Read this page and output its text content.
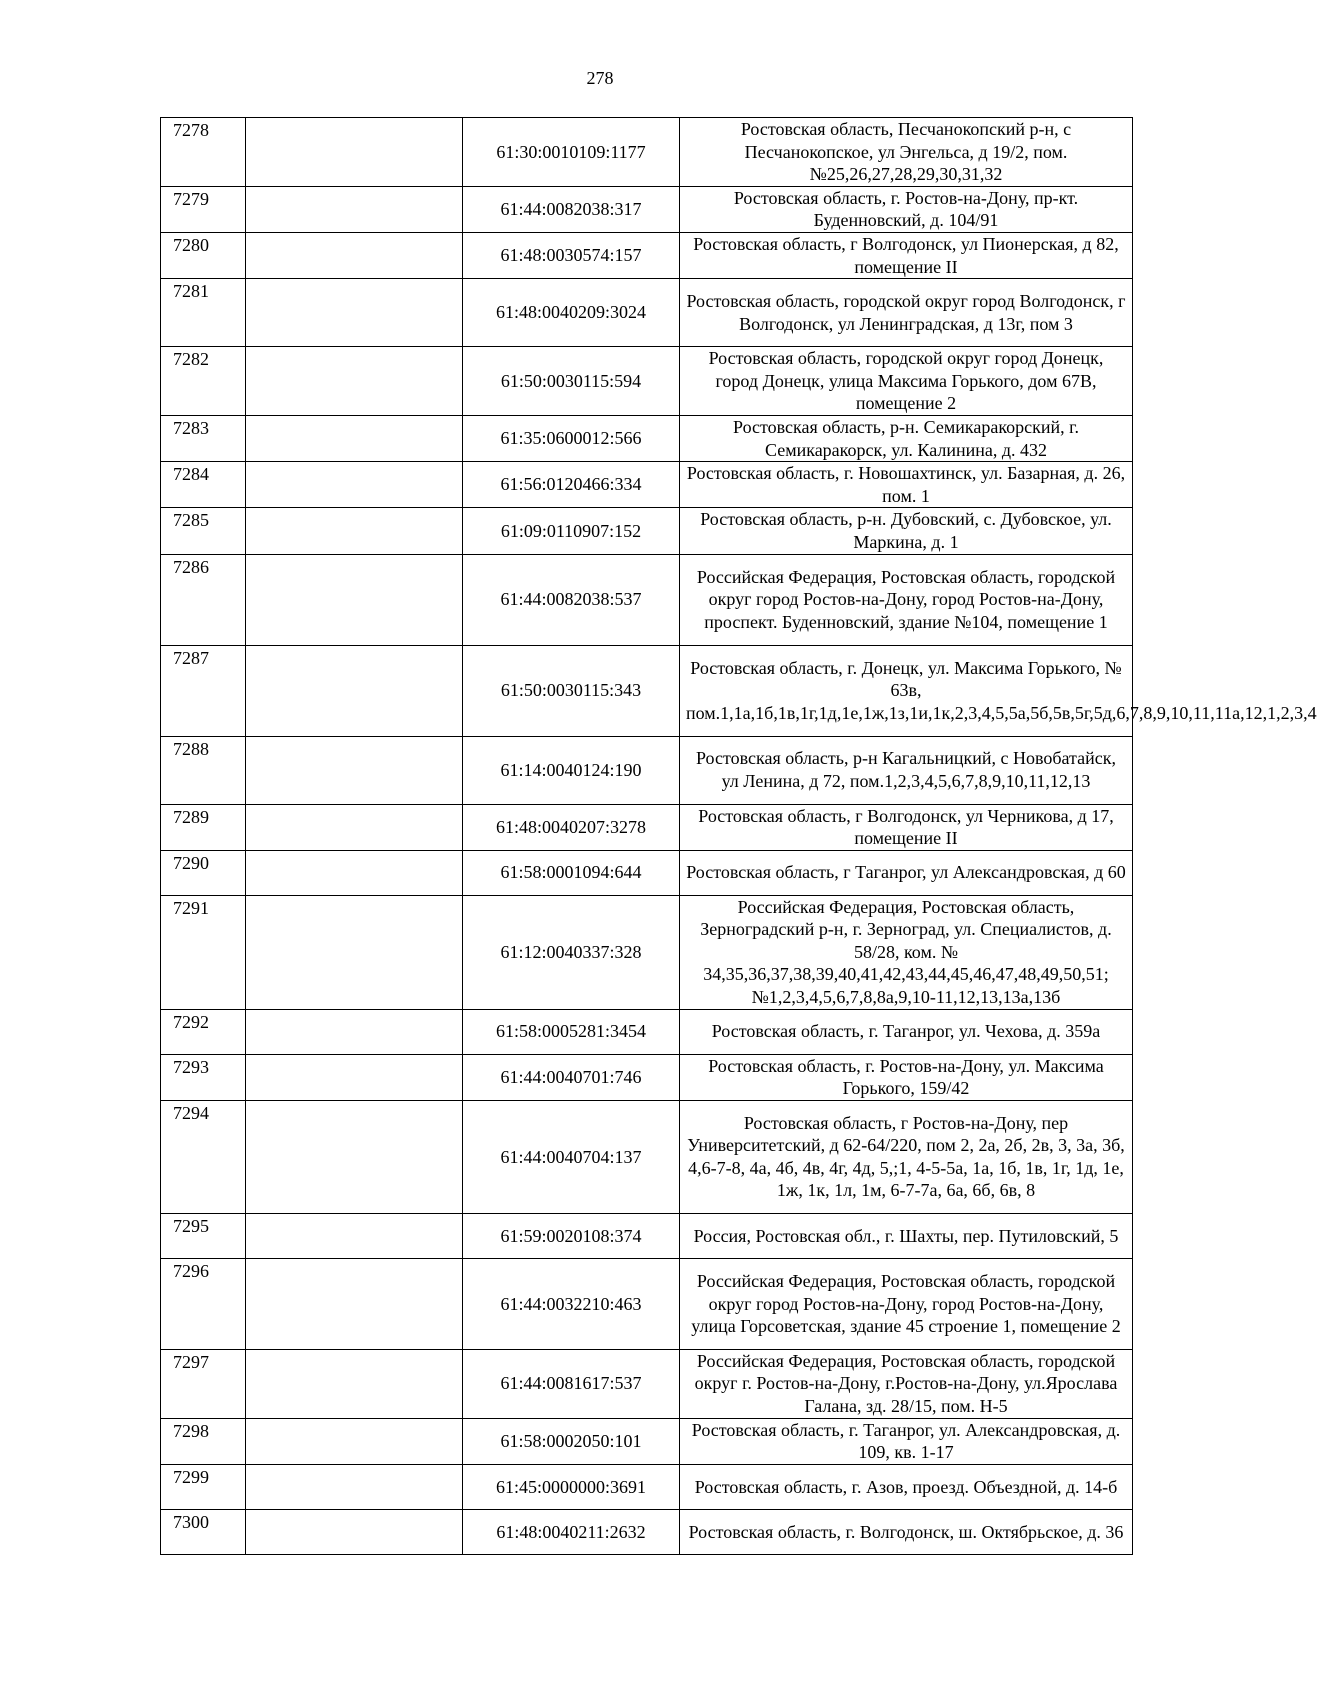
278
7278		61:30:0010109:1177	Ростовская область, Песчанокопский р-н, с Песчанокопское, ул Энгельса, д 19/2, пом. №25,26,27,28,29,30,31,32
7279		61:44:0082038:317	Ростовская область, г. Ростов-на-Дону, пр-кт. Буденновский, д. 104/91
7280		61:48:0030574:157	Ростовская область, г Волгодонск, ул Пионерская, д 82, помещение II
7281		61:48:0040209:3024	Ростовская область, городской округ город Волгодонск, г Волгодонск, ул Ленинградская, д 13г, пом 3
7282		61:50:0030115:594	Ростовская область, городской округ город Донецк, город Донецк, улица Максима Горького, дом 67В, помещение 2
7283		61:35:0600012:566	Ростовская область, р-н. Семикаракорский, г. Семикаракорск, ул. Калинина, д. 432
7284		61:56:0120466:334	Ростовская область, г. Новошахтинск, ул. Базарная, д. 26, пом. 1
7285		61:09:0110907:152	Ростовская область, р-н. Дубовский, с. Дубовское, ул. Маркина, д. 1
7286		61:44:0082038:537	Российская Федерация, Ростовская область, городской округ город Ростов-на-Дону, город Ростов-на-Дону, проспект. Буденновский, здание №104, помещение 1
7287		61:50:0030115:343	Ростовская область, г. Донецк, ул. Максима Горького, № 63в, пом.1,1а,1б,1в,1г,1д,1е,1ж,1з,1и,1к,2,3,4,5,5а,5б,5в,5г,5д,6,7,8,9,10,11,11а,12,1,2,3,4
7288		61:14:0040124:190	Ростовская область, р-н Кагальницкий, с Новобатайск, ул Ленина, д 72, пом.1,2,3,4,5,6,7,8,9,10,11,12,13
7289		61:48:0040207:3278	Ростовская область, г Волгодонск, ул Черникова, д 17, помещение II
7290		61:58:0001094:644	Ростовская область, г Таганрог, ул Александровская, д 60
7291		61:12:0040337:328	Российская Федерация, Ростовская область, Зерноградский р-н, г. Зерноград, ул. Специалистов, д. 58/28, ком. № 34,35,36,37,38,39,40,41,42,43,44,45,46,47,48,49,50,51; №1,2,3,4,5,6,7,8,8а,9,10-11,12,13,13а,13б
7292		61:58:0005281:3454	Ростовская область, г. Таганрог, ул. Чехова, д. 359а
7293		61:44:0040701:746	Ростовская область, г. Ростов-на-Дону, ул. Максима Горького, 159/42
7294		61:44:0040704:137	Ростовская область, г Ростов-на-Дону, пер Университетский, д 62-64/220, пом 2, 2а, 2б, 2в, 3, 3а, 3б, 4,6-7-8, 4а, 4б, 4в, 4г, 4д, 5,;1, 4-5-5а, 1а, 1б, 1в, 1г, 1д, 1е, 1ж, 1к, 1л, 1м, 6-7-7а, 6а, 6б, 6в, 8
7295		61:59:0020108:374	Россия, Ростовская обл., г. Шахты, пер. Путиловский, 5
7296		61:44:0032210:463	Российская Федерация, Ростовская область, городской округ город Ростов-на-Дону, город Ростов-на-Дону, улица Горсоветская, здание 45 строение 1, помещение 2
7297		61:44:0081617:537	Российская Федерация, Ростовская область, городской округ г. Ростов-на-Дону, г.Ростов-на-Дону, ул.Ярослава Галана, зд. 28/15, пом. Н-5
7298		61:58:0002050:101	Ростовская область, г. Таганрог, ул. Александровская, д. 109, кв. 1-17
7299		61:45:0000000:3691	Ростовская область, г. Азов, проезд. Объездной, д. 14-б
7300		61:48:0040211:2632	Ростовская область, г. Волгодонск, ш. Октябрьское, д. 36
